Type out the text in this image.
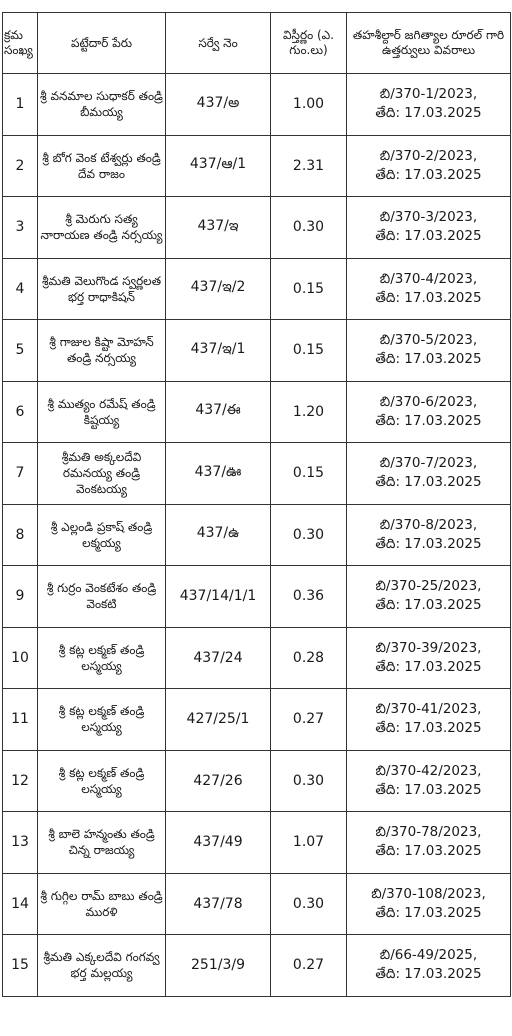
క్రమ సంఖ్య	పట్టేదార్ పేరు	సర్వే నెం	విస్తీర్ణం (ఎ. గుం.లు)	తహశీల్దార్ జగిత్యాల రూరల్ గారి ఉత్తర్వులు వివరాలు
1	శ్రీ వనమాల సుధాకర్ తండ్రి బీమయ్య	437/అ	1.00	బి/370-1/2023,
తేది: 17.03.2025

2	శ్రీ బోగ వెంక టేశ్వర్లు తండ్రి దేవ రాజం	437/ఆ/1	2.31	బి/370-2/2023,
తేది: 17.03.2025

3	శ్రీ మెరుగు సత్య నారాయణ తండ్రి నర్సయ్య	437/ఇ	0.30	బి/370-3/2023,
తేది: 17.03.2025

4	శ్రీమతి వెలుగొండ స్వర్ణలత భర్త రాధాకిషన్	437/ఇ/2	0.15	బి/370-4/2023,
తేది: 17.03.2025

5	శ్రీ గాజుల కిష్టా మోహన్ తండ్రి నర్సయ్య	437/ఇ/1	0.15	బి/370-5/2023,
తేది: 17.03.2025

6	శ్రీ ముత్యం రమేష్ తండ్రి కిష్టయ్య	437/ఈ	1.20	బి/370-6/2023,
తేది: 17.03.2025

7	శ్రీమతి అక్కలదేవి రమనయ్య తండ్రి వెంకటయ్య	437/ఊ	0.15	బి/370-7/2023,
తేది: 17.03.2025

8	శ్రీ ఎల్లండి ప్రకాష్ తండ్రి లక్మయ్య	437/ఉ	0.30	బి/370-8/2023,
తేది: 17.03.2025

9	శ్రీ గుర్రం వెంకటేశం తండ్రి వెంకటి	437/14/1/1	0.36	బి/370-25/2023,
తేది: 17.03.2025

10	శ్రీ కట్ల లక్మణ్ తండ్రి లస్మయ్య	437/24	0.28	బి/370-39/2023,
తేది: 17.03.2025

11	శ్రీ కట్ల లక్మణ్ తండ్రి లస్మయ్య	427/25/1	0.27	బి/370-41/2023,
తేది: 17.03.2025

12	శ్రీ కట్ల లక్మణ్ తండ్రి లస్మయ్య	427/26	0.30	బి/370-42/2023,
తేది: 17.03.2025

13	శ్రీ బాలె హన్మంతు తండ్రి చిన్న రాజయ్య	437/49	1.07	బి/370-78/2023,
తేది: 17.03.2025

14	శ్రీ గుగ్గిల రామ్ బాబు తండ్రి మురళి	437/78	0.30	బి/370-108/2023,
తేది: 17.03.2025

15	శ్రీమతి ఎక్కలదేవి గంగవ్వ భర్త మల్లయ్య	251/3/9	0.27	బి/66-49/2025,
తేది: 17.03.2025
